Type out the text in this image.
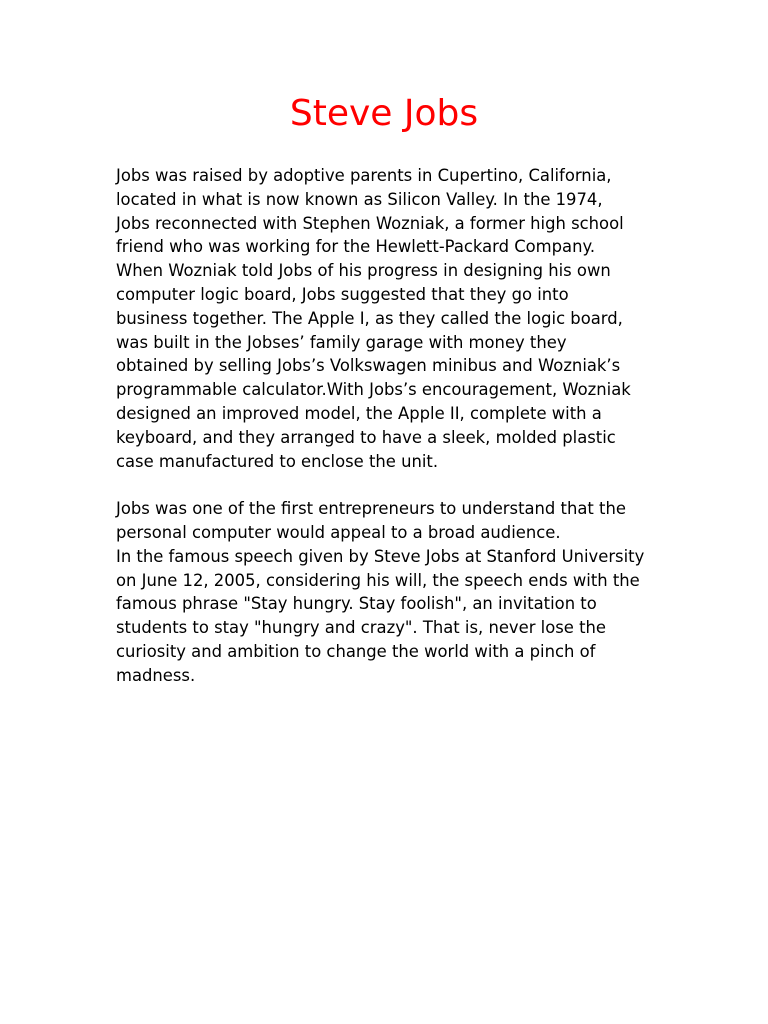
Steve Jobs
Jobs was raised by adoptive parents in Cupertino, California,
located in what is now known as Silicon Valley. In the 1974,
Jobs reconnected with Stephen Wozniak, a former high school
friend who was working for the Hewlett-Packard Company.
When Wozniak told Jobs of his progress in designing his own
computer logic board, Jobs suggested that they go into
business together. The Apple I, as they called the logic board,
was built in the Jobses’ family garage with money they
obtained by selling Jobs’s Volkswagen minibus and Wozniak’s
programmable calculator.With Jobs’s encouragement, Wozniak
designed an improved model, the Apple II, complete with a
keyboard, and they arranged to have a sleek, molded plastic
case manufactured to enclose the unit.
Jobs was one of the first entrepreneurs to understand that the
personal computer would appeal to a broad audience.
In the famous speech given by Steve Jobs at Stanford University
on June 12, 2005, considering his will, the speech ends with the
famous phrase "Stay hungry. Stay foolish", an invitation to
students to stay "hungry and crazy". That is, never lose the
curiosity and ambition to change the world with a pinch of
madness.
